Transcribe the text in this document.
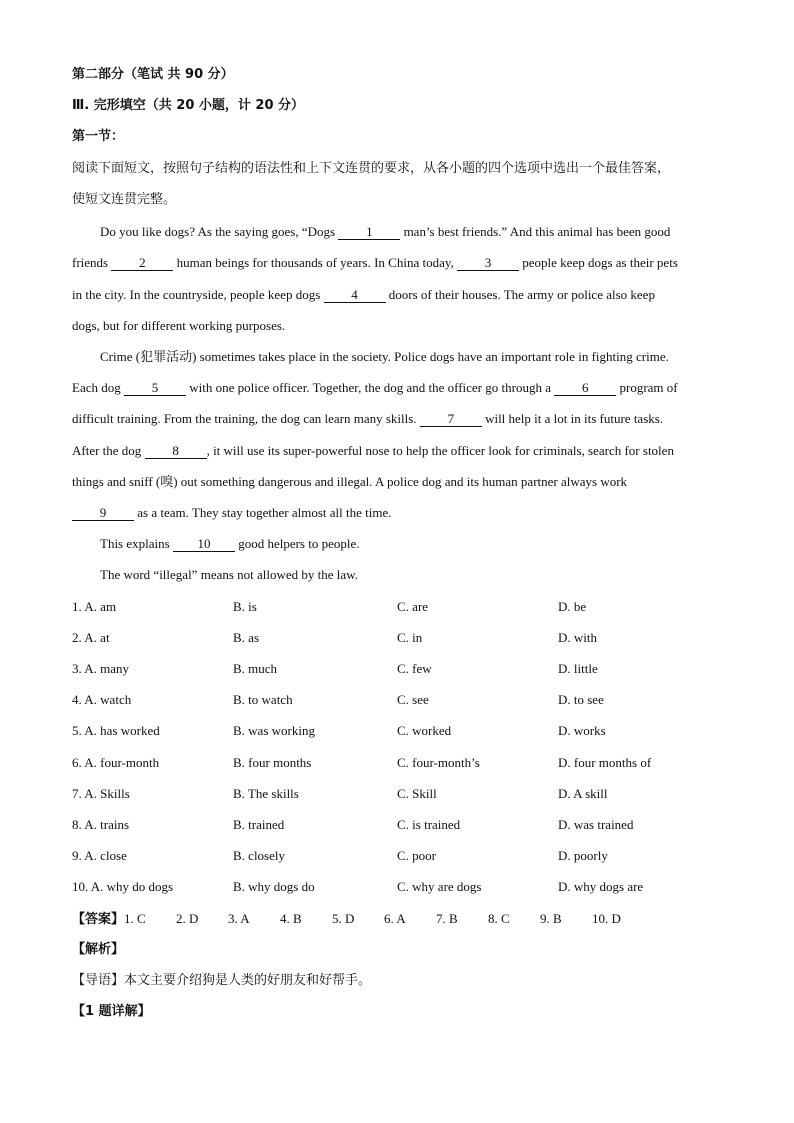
第二部分（笔试 共 90 分）
Ⅲ. 完形填空（共 20 小题，计 20 分）
第一节：
阅读下面短文，按照句子结构的语法性和上下文连贯的要求，从各小题的四个选项中选出一个最佳答案，
使短文连贯完整。
Do you like dogs? As the saying goes, “Dogs 1 man’s best friends.” And this animal has been good
friends 2 human beings for thousands of years. In China today, 3 people keep dogs as their pets
in the city. In the countryside, people keep dogs 4 doors of their houses. The army or police also keep
dogs, but for different working purposes.
Crime (犯罪活动) sometimes takes place in the society. Police dogs have an important role in fighting crime.
Each dog 5 with one police officer. Together, the dog and the officer go through a 6 program of
difficult training. From the training, the dog can learn many skills. 7 will help it a lot in its future tasks.
After the dog 8 , it will use its super-powerful nose to help the officer look for criminals, search for stolen
things and sniff (嗅) out something dangerous and illegal. A police dog and its human partner always work
9 as a team. They stay together almost all the time.
This explains 10 good helpers to people.
The word “illegal” means not allowed by the law.
1. A. am	B. is	C. are	D. be
2. A. at	B. as	C. in	D. with
3. A. many	B. much	C. few	D. little
4. A. watch	B. to watch	C. see	D. to see
5. A. has worked	B. was working	C. worked	D. works
6. A. four-month	B. four months	C. four-month’s	D. four months of
7. A. Skills	B. The skills	C. Skill	D. A skill
8. A. trains	B. trained	C. is trained	D. was trained
9. A. close	B. closely	C. poor	D. poorly
10. A. why do dogs	B. why dogs do	C. why are dogs	D. why dogs are
【答案】1. C 2. D 3. A 4. B 5. D 6. A 7. B 8. C 9. B 10. D
【解析】
【导语】本文主要介绍狗是人类的好朋友和好帮手。
【1 题详解】
